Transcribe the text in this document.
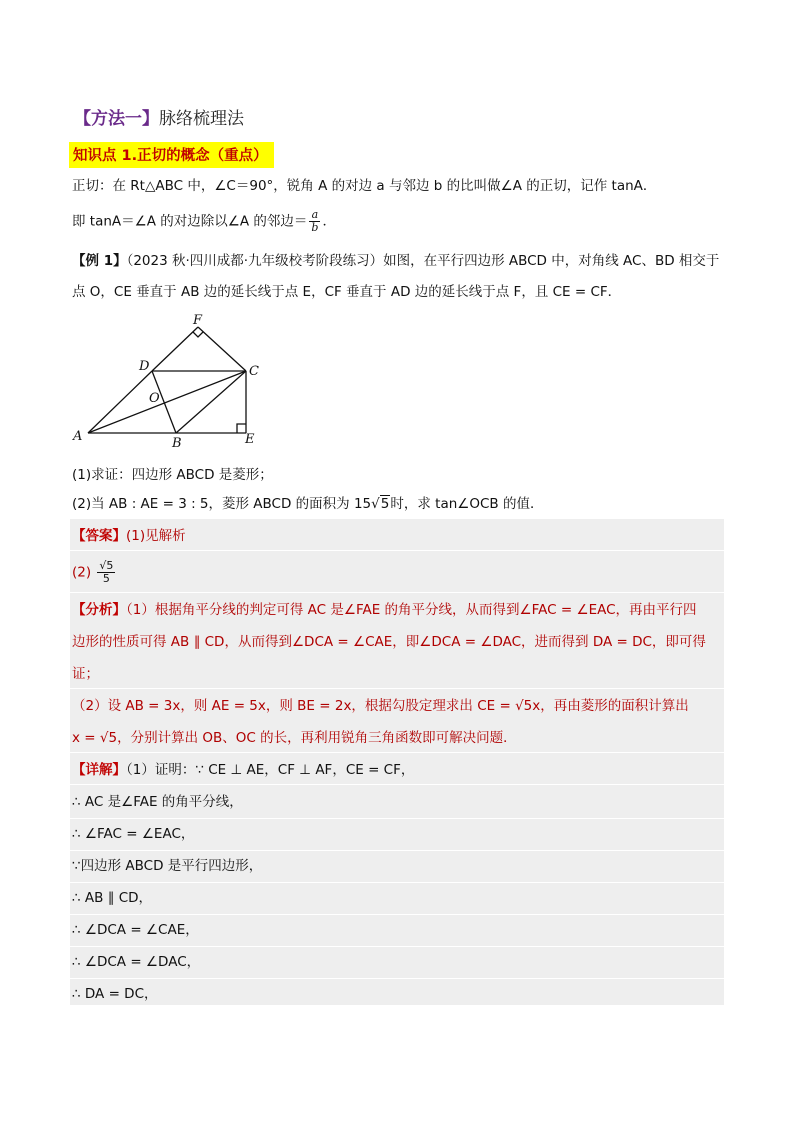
【方法一】脉络梳理法
知识点 1.正切的概念（重点）
正切：在 Rt△ABC 中，∠C＝90°，锐角 A 的对边 a 与邻边 b 的比叫做∠A 的正切，记作 tanA．
即 tanA＝∠A 的对边除以∠A 的邻边＝ $\frac{a}{b}$ ．
【例 1】（2023 秋·四川成都·九年级校考阶段练习）如图，在平行四边形 ABCD 中，对角线 AC、BD 相交于
点 O，CE 垂直于 AB 边的延长线于点 E，CF 垂直于 AD 边的延长线于点 F，且 CE = CF．
F
D	C
O
A	B	E
(1)求证：四边形 ABCD 是菱形；
(2)当 AB : AE = 3 : 5，菱形 ABCD 的面积为 15√5时，求 tan∠OCB 的值．
【答案】(1)见解析
$(2) \frac{√5}{5}$
【分析】（1）根据角平分线的判定可得 AC 是∠FAE 的角平分线，从而得到∠FAC = ∠EAC，再由平行四
边形的性质可得 AB ∥ CD，从而得到∠DCA = ∠CAE，即∠DCA = ∠DAC，进而得到 DA = DC，即可得
证；
（2）设 AB = 3x，则 AE = 5x，则 BE = 2x，根据勾股定理求出 CE = √5x，再由菱形的面积计算出
x = √5，分别计算出 OB、OC 的长，再利用锐角三角函数即可解决问题．
【详解】（1）证明：∵ CE ⊥ AE，CF ⊥ AF，CE = CF，
∴ AC 是∠FAE 的角平分线，
∴ ∠FAC = ∠EAC，
∵四边形 ABCD 是平行四边形，
∴ AB ∥ CD，
∴ ∠DCA = ∠CAE，
∴ ∠DCA = ∠DAC，
∴ DA = DC，
